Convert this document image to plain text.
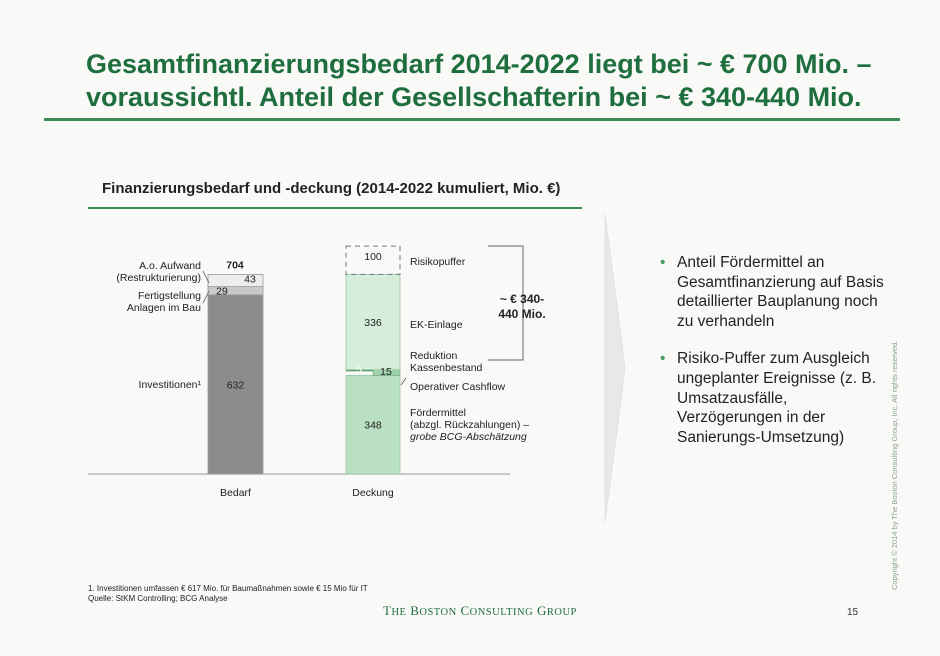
Gesamtfinanzierungsbedarf 2014-2022 liegt bei ~ € 700 Mio. –
voraussichtl. Anteil der Gesellschafterin bei ~ € 340-440 Mio.
Finanzierungsbedarf und -deckung (2014-2022 kumuliert, Mio. €)
632
29
43
704
A.o. Aufwand
(Restrukturierung)
Fertigstellung
Anlagen im Bau
Investitionen¹
348
15
5
336
100	Risikopuffer
EK-Einlage
Reduktion
Kassenbestand
Operativer Cashflow
Fördermittel
(abzgl. Rückzahlungen) –
grobe BCG-Abschätzung
~ € 340-
440 Mio.
Bedarf	Deckung
• Anteil Fördermittel an Gesamtfinanzierung auf Basis detaillierter Bauplanung noch zu verhandeln
• Risiko-Puffer zum Ausgleich ungeplanter Ereignisse (z. B. Umsatzausfälle, Verzögerungen in der Sanierungs-Umsetzung)
1. Investitionen umfassen € 617 Mio. für Baumaßnahmen sowie € 15 Mio für IT
Quelle: StKM Controlling; BCG Analyse
THE BOSTON CONSULTING GROUP	15
Copyright © 2014 by The Boston Consulting Group, Inc. All rights reserved.
